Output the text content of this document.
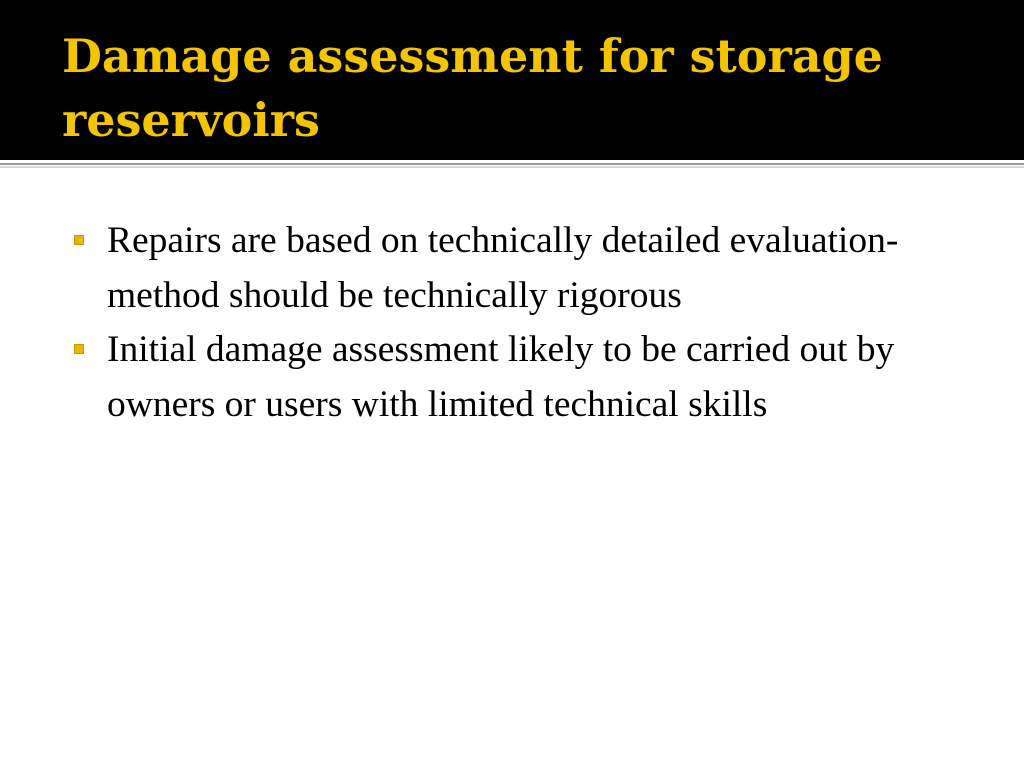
Damage assessment for storage reservoirs
Repairs are based on technically detailed evaluation- method should be technically rigorous
Initial damage assessment likely to be carried out by owners or users with limited technical skills
